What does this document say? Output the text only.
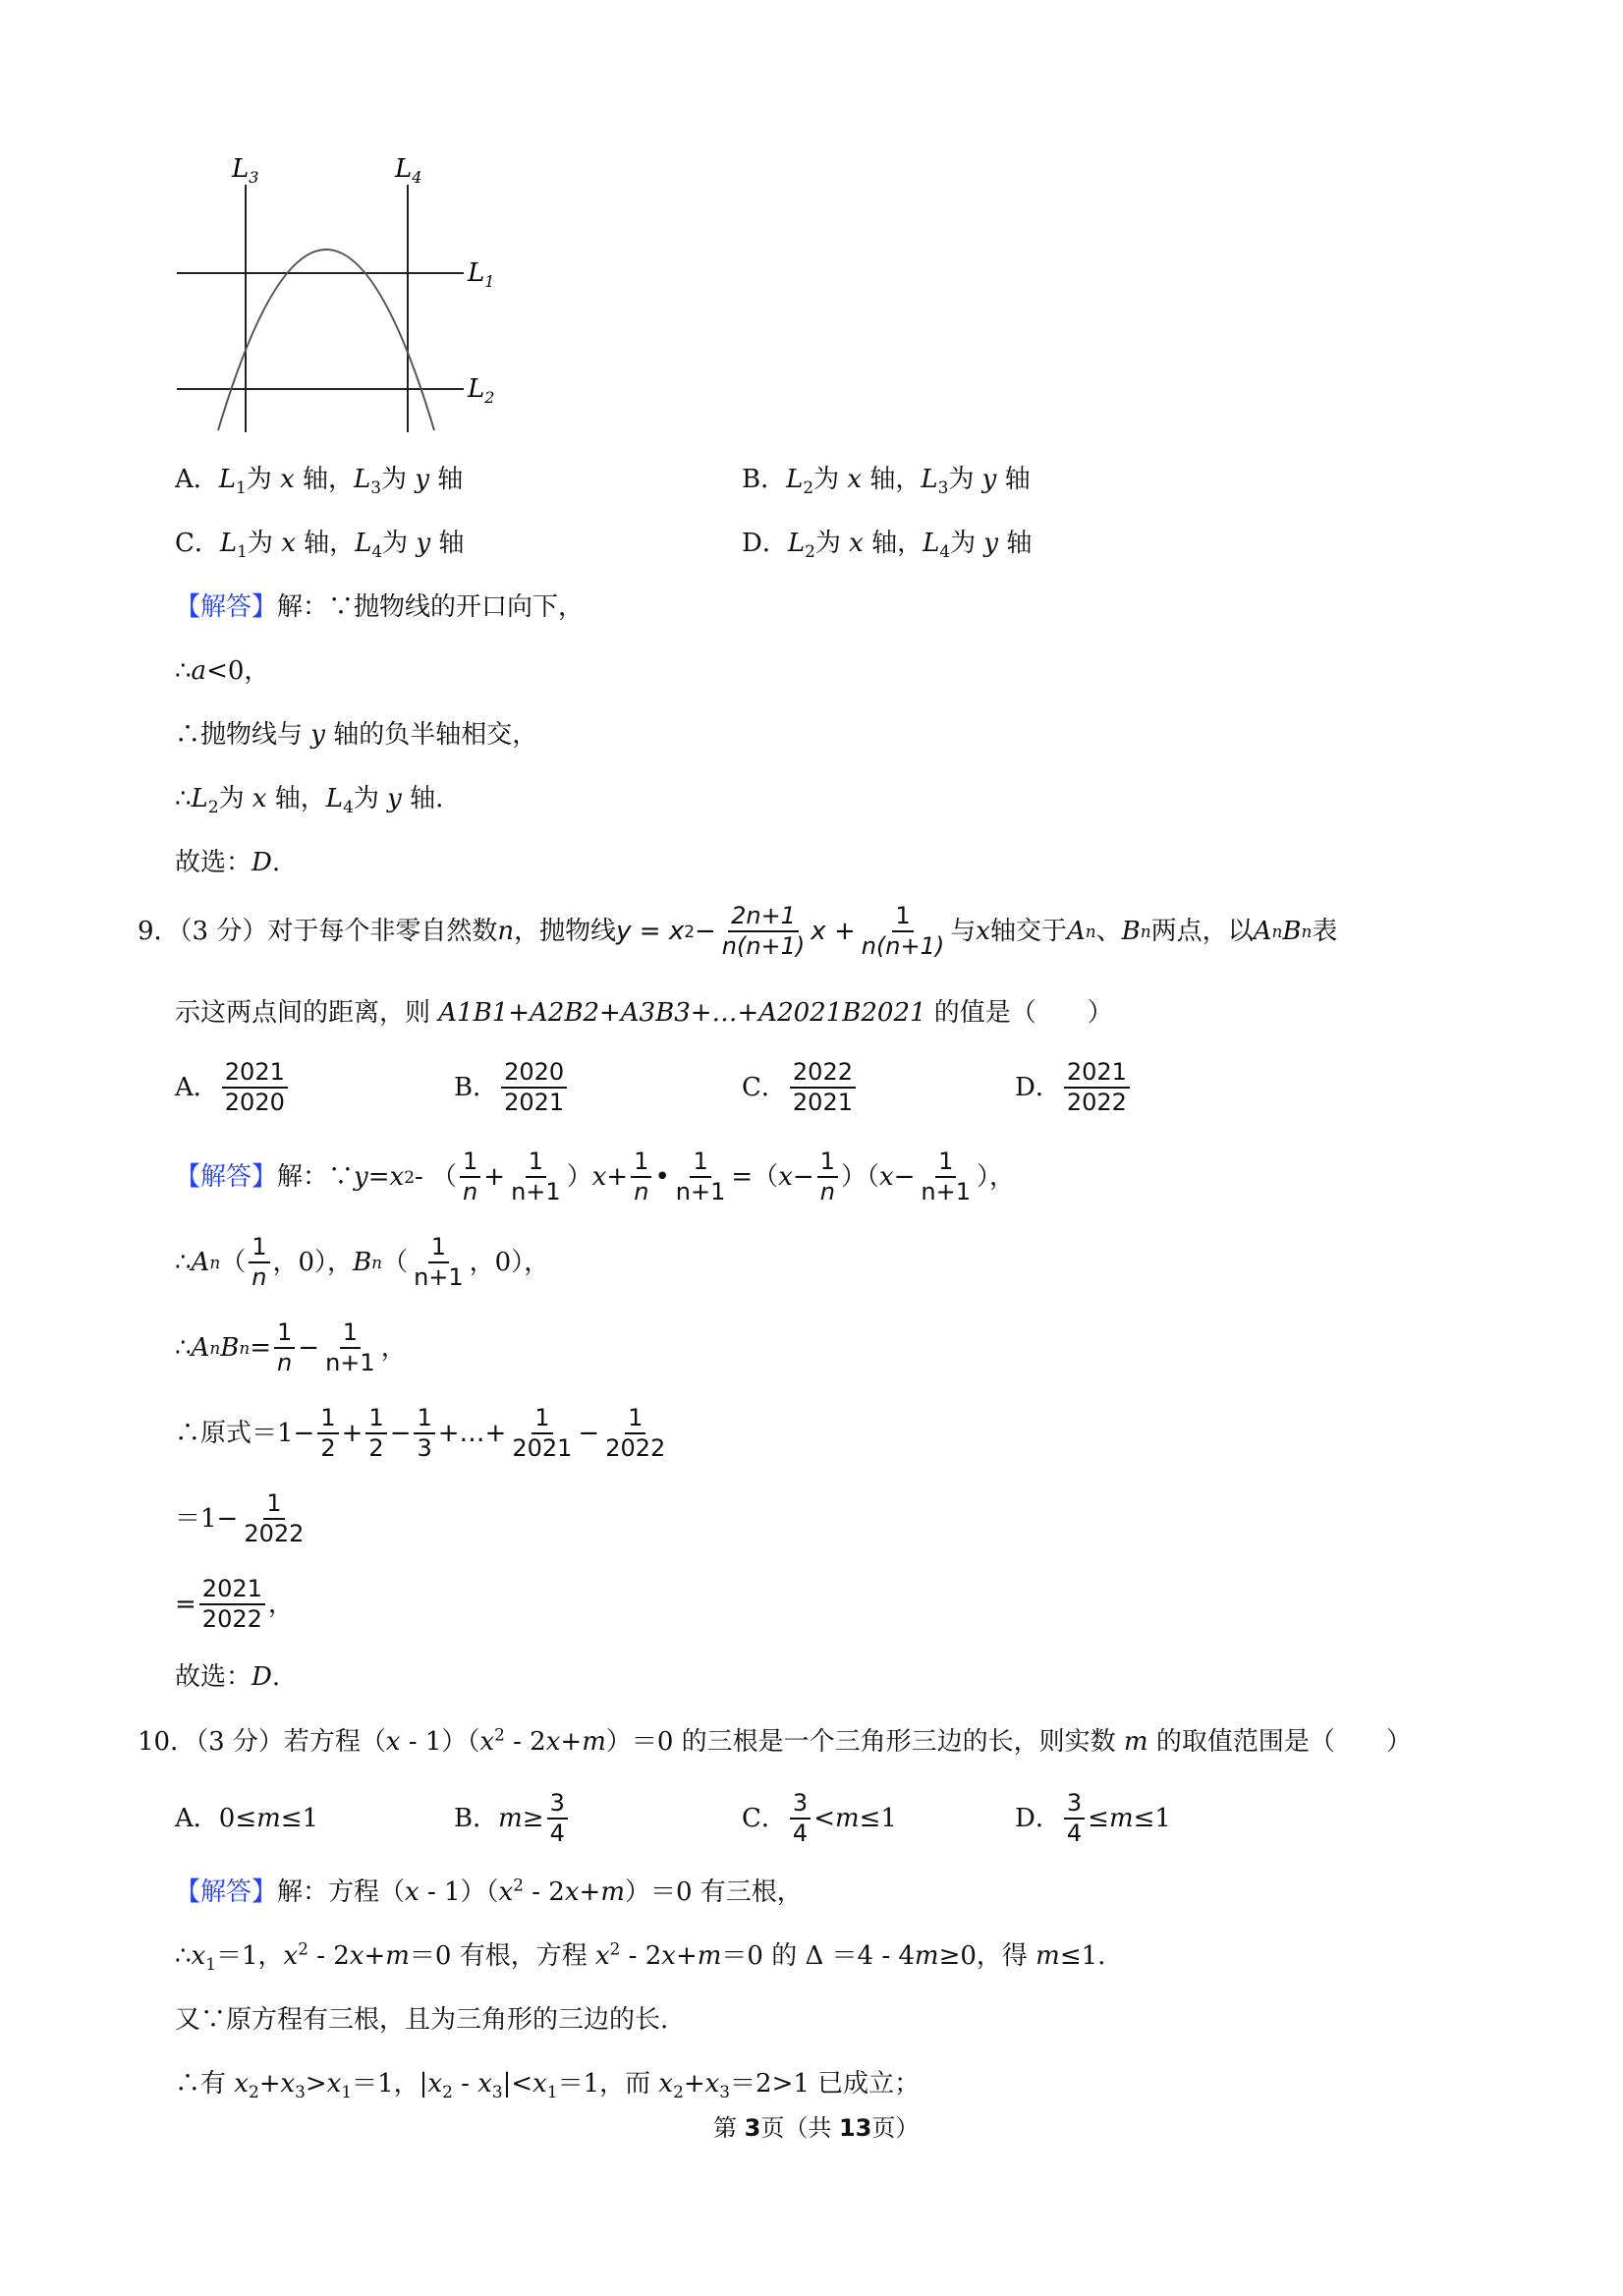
$L_3$	$L_4$
$L_1$
$L_2$
A．$L_1$为 x 轴，$L_3$为 y 轴	B．$L_2$为 x 轴，$L_3$为 y 轴
C．$L_1$为 x 轴，$L_4$为 y 轴	D．$L_2$为 x 轴，$L_4$为 y 轴
【解答】解：∵抛物线的开口向下，
∴a<0，
∴抛物线与 y 轴的负半轴相交，
$\therefore L_2$为 x 轴，$L_4$为 y 轴.
故选：D.
9．（3 分）对于每个非零自然数 n ，抛物线 y = x $2 - \frac{2n+1}{n(n+1)}$ $x + \frac{1}{n(n+1)}$ 与 x 轴交于 A n 、 B n 两点，以 A n B n 表
示这两点间的距离，则 A1B1+A2B2+A3B3+…+A2021B2021 的值是（　　）
A． $\frac{2021}{2020}$	B． $\frac{2020}{2021}$	C． $\frac{2022}{2021}$	D． $\frac{2021}{2022}$
【解答】 解：∵ y = x 2 - （ $\frac{1}{n} + \frac{1}{n+1}$ ） $x + \frac{1}{n}$ • $\frac{1}{n+1}$ =（ $x - \frac{1}{n}$ ）（ $x - \frac{1}{n+1}$ ），
∴ A n （ $\frac{1}{n}$ ，0）， B n （ $\frac{1}{n+1}$ ，0），
∴ A n B $n = \frac{1}{n} - \frac{1}{n+1}$ ，
∴原式$=1- \frac{1}{2} + \frac{1}{2} - \frac{1}{3}$ +…+ $\frac{1}{2021} - \frac{1}{2022}$
$=1- \frac{1}{2022}$
= $\frac{2021}{2022}$ ，
故选：D.
10．（3 分）若方程$(x - 1)(x^2 - 2x+m)=0$ 的三根是一个三角形三边的长，则实数 m 的取值范围是（　　）
A． 0≤ m ≤1	B． $m \ge \frac{3}{4}$	C． $\frac{3}{4} < m \le 1$	D． $\frac{3}{4} \le m \le 1$
【解答】解：方程$(x - 1)(x^2 - 2x+m)=0$ 有三根，
$\therefore x_1=1$，$x^2 - 2x+m=0$ 有根，方程 $x^2 - 2x+m=0$ 的 Δ ＝4 - 4m≥0，得 m≤1.
又∵原方程有三根，且为三角形的三边的长.
∴有 $x_2+x_3>x_1=1$，$|x_2 - x_3|<x_1=1$，而 $x_2+x_3=2>1$ 已成立；
第 3页（共 13页）
